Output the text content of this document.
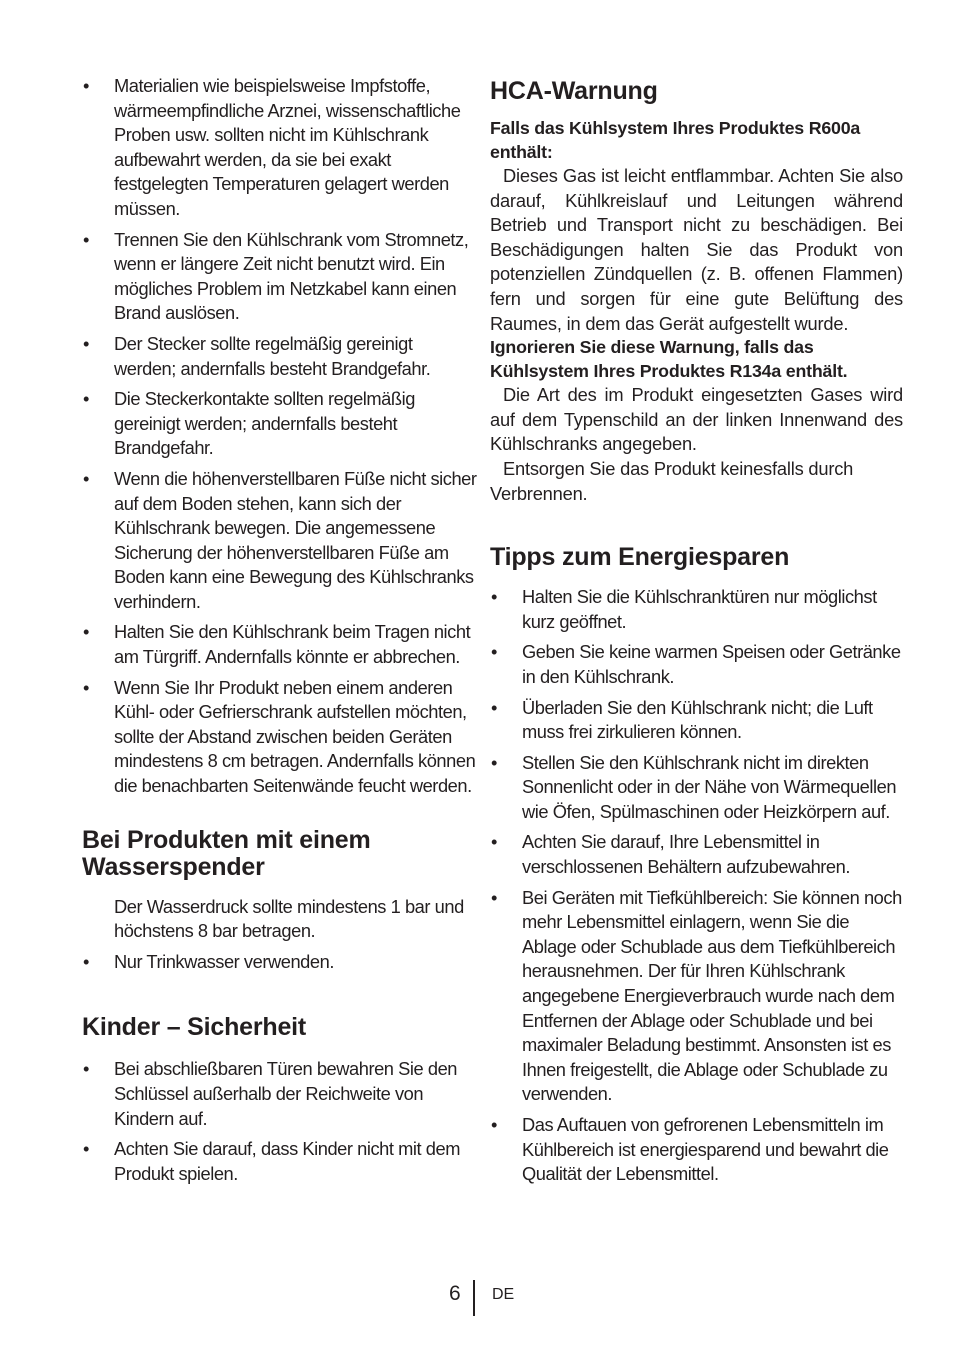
• Materialien wie beispielsweise Impfstoffe, wärmeempfindliche Arznei, wissenschaftliche Proben usw. sollten nicht im Kühlschrank aufbewahrt werden, da sie bei exakt festgelegten Temperaturen gelagert werden müssen.
• Trennen Sie den Kühlschrank vom Stromnetz, wenn er längere Zeit nicht benutzt wird. Ein mögliches Problem im Netzkabel kann einen Brand auslösen.
• Der Stecker sollte regelmäßig gereinigt werden; andernfalls besteht Brandgefahr.
• Die Steckerkontakte sollten regelmäßig gereinigt werden; andernfalls besteht Brandgefahr.
• Wenn die höhenverstellbaren Füße nicht sicher auf dem Boden stehen, kann sich der Kühlschrank bewegen. Die angemessene Sicherung der höhenverstellbaren Füße am Boden kann eine Bewegung des Kühlschranks verhindern.
• Halten Sie den Kühlschrank beim Tragen nicht am Türgriff. Andernfalls könnte er abbrechen.
• Wenn Sie Ihr Produkt neben einem anderen Kühl- oder Gefrierschrank aufstellen möchten, sollte der Abstand zwischen beiden Geräten mindestens 8 cm betragen. Andernfalls können die benachbarten Seitenwände feucht werden.
Bei Produkten mit einem Wasserspender
Der Wasserdruck sollte mindestens 1 bar und höchstens 8 bar betragen.
• Nur Trinkwasser verwenden.
Kinder – Sicherheit
• Bei abschließbaren Türen bewahren Sie den Schlüssel außerhalb der Reichweite von Kindern auf.
• Achten Sie darauf, dass Kinder nicht mit dem Produkt spielen.
HCA-Warnung
Falls das Kühlsystem Ihres Produktes R600a enthält:
Dieses Gas ist leicht entflammbar. Achten Sie also darauf, Kühlkreislauf und Leitungen während Betrieb und Transport nicht zu beschädigen. Bei Beschädigungen halten Sie das Produkt von potenziellen Zündquellen (z. B. offenen Flammen) fern und sorgen für eine gute Belüftung des Raumes, in dem das Gerät aufgestellt wurde.
Ignorieren Sie diese Warnung, falls das Kühlsystem Ihres Produktes R134a enthält.
Die Art des im Produkt eingesetzten Gases wird auf dem Typenschild an der linken Innenwand des Kühlschranks angegeben.
Entsorgen Sie das Produkt keinesfalls durch Verbrennen.
Tipps zum Energiesparen
• Halten Sie die Kühlschranktüren nur möglichst kurz geöffnet.
• Geben Sie keine warmen Speisen oder Getränke in den Kühlschrank.
• Überladen Sie den Kühlschrank nicht; die Luft muss frei zirkulieren können.
• Stellen Sie den Kühlschrank nicht im direkten Sonnenlicht oder in der Nähe von Wärmequellen wie Öfen, Spülmaschinen oder Heizkörpern auf.
• Achten Sie darauf, Ihre Lebensmittel in verschlossenen Behältern aufzubewahren.
• Bei Geräten mit Tiefkühlbereich: Sie können noch mehr Lebensmittel einlagern, wenn Sie die Ablage oder Schublade aus dem Tiefkühlbereich herausnehmen. Der für Ihren Kühlschrank angegebene Energieverbrauch wurde nach dem Entfernen der Ablage oder Schublade und bei maximaler Beladung bestimmt. Ansonsten ist es Ihnen freigestellt, die Ablage oder Schublade zu verwenden.
• Das Auftauen von gefrorenen Lebensmitteln im Kühlbereich ist energiesparend und bewahrt die Qualität der Lebensmittel.
6 DE
